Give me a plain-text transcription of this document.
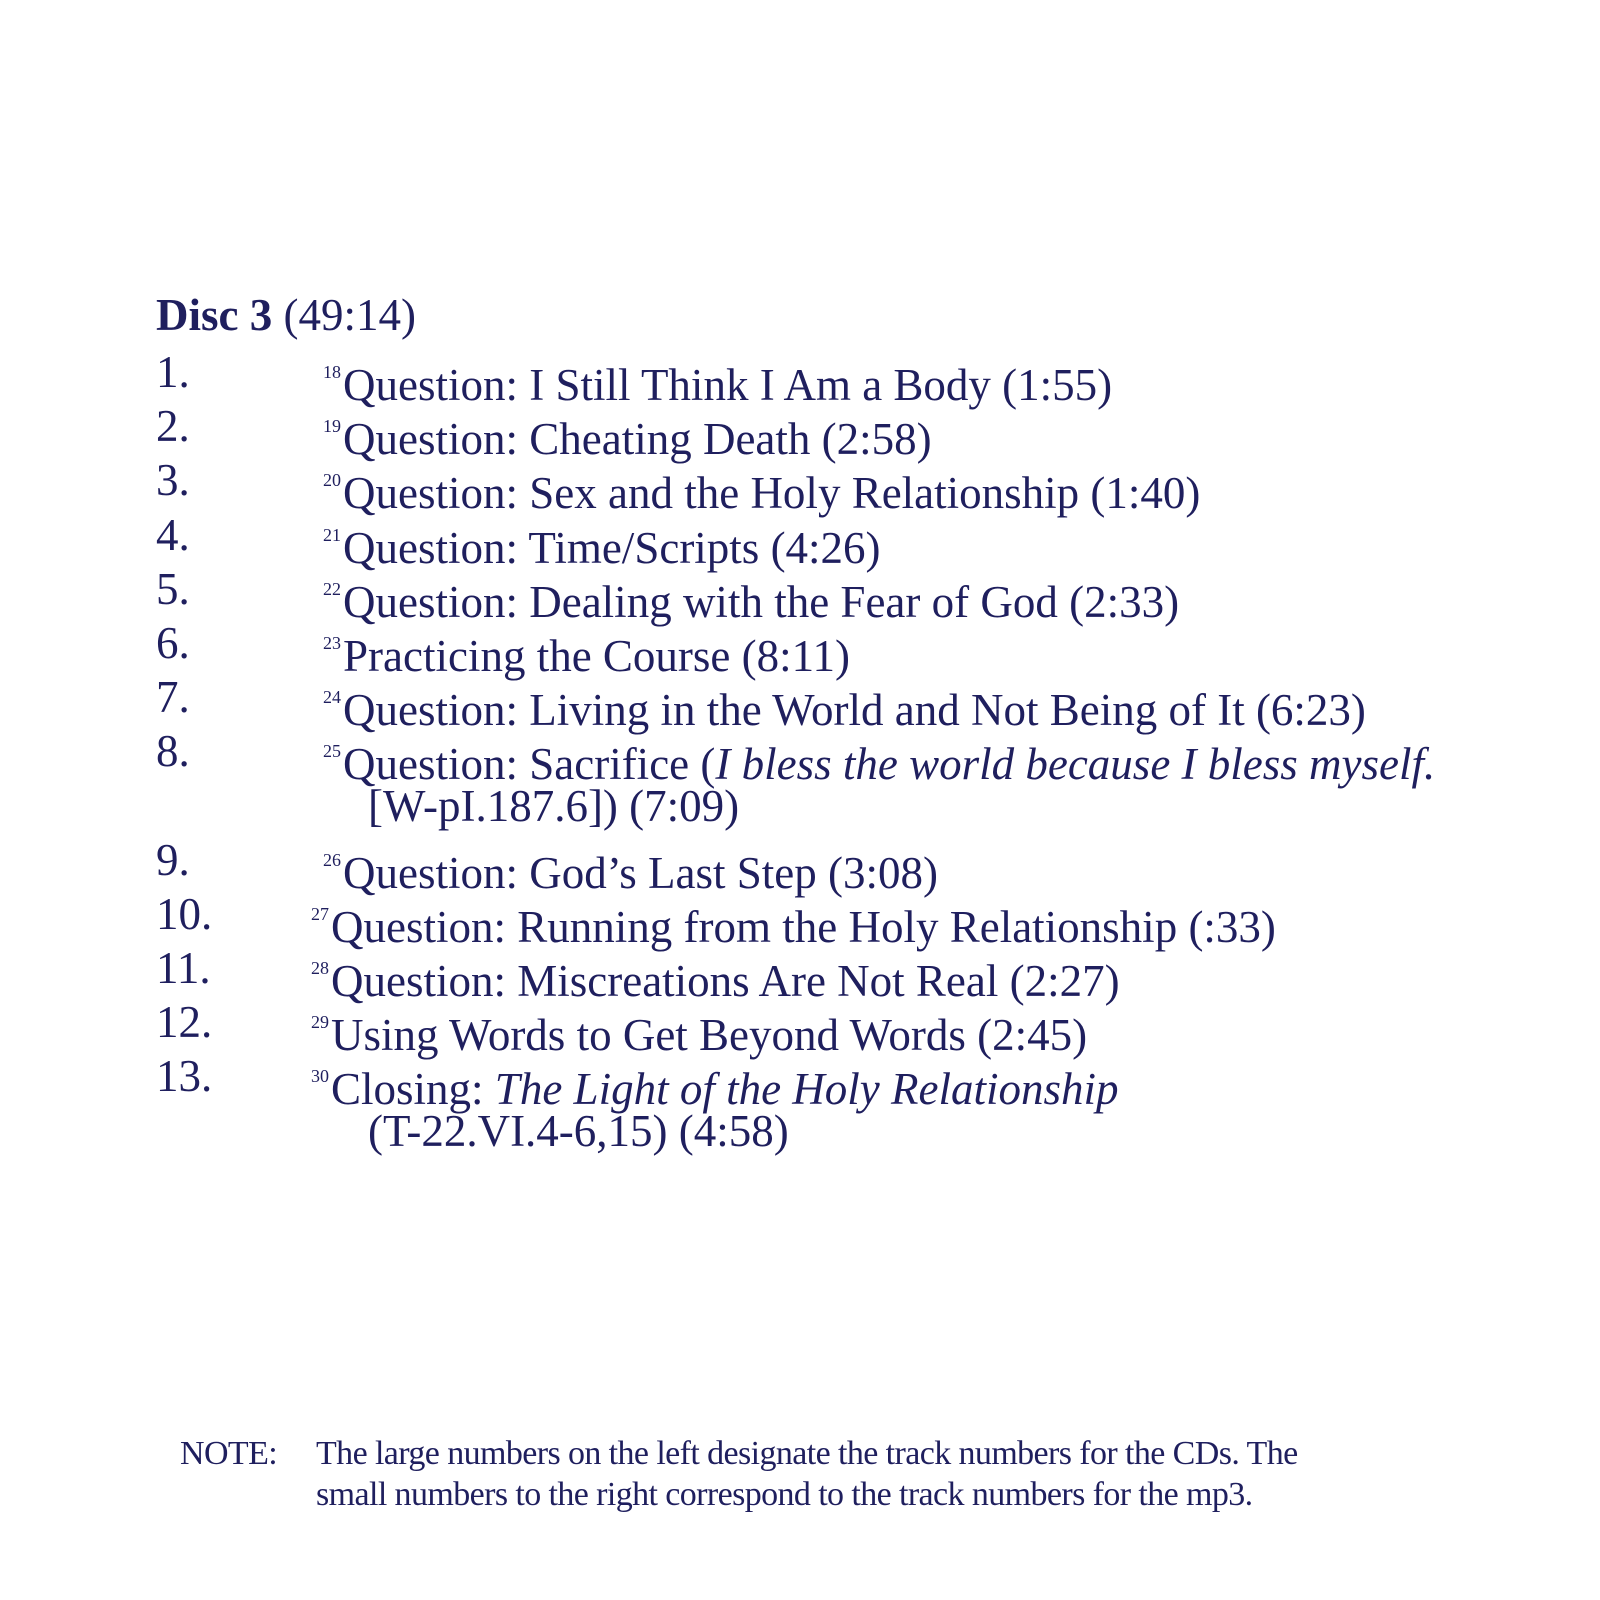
Disc 3 (49:14)
1.	$^{18}$Question: I Still Think I Am a Body (1:55)
2.	$^{19}$Question: Cheating Death (2:58)
3.	$^{20}$Question: Sex and the Holy Relationship (1:40)
4.	$^{21}$Question: Time/Scripts (4:26)
5.	$^{22}$Question: Dealing with the Fear of God (2:33)
6.	$^{23}$Practicing the Course (8:11)
7.	$^{24}$Question: Living in the World and Not Being of It (6:23)
8.	$^{25}$Question: Sacrifice (I bless the world because I bless myself.
[W-pI.187.6]) (7:09)
9.	$^{26}$Question: God’s Last Step (3:08)
10.	$^{27}$Question: Running from the Holy Relationship (:33)
11.	$^{28}$Question: Miscreations Are Not Real (2:27)
12.	$^{29}$Using Words to Get Beyond Words (2:45)
13.	$^{30}$Closing: The Light of the Holy Relationship
(T-22.VI.4-6,15) (4:58)
NOTE: The large numbers on the left designate the track numbers for the CDs. The
small numbers to the right correspond to the track numbers for the mp3.
